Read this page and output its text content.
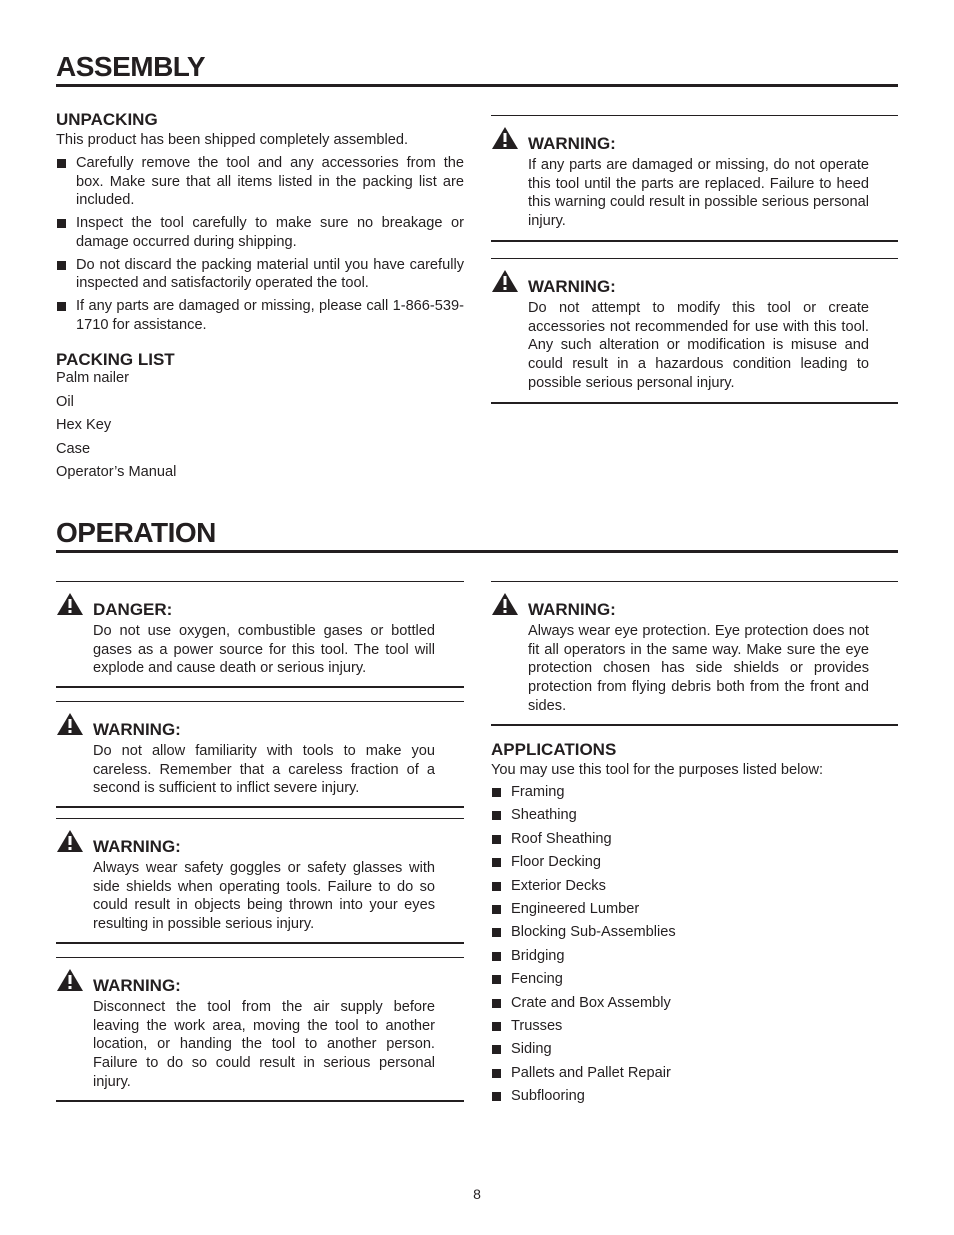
ASSEMBLY
UNPACKING
This product has been shipped completely assembled.
Carefully remove the tool and any accessories from the box. Make sure that all items listed in the packing list are included.
Inspect the tool carefully to make sure no breakage or damage occurred during shipping.
Do not discard the packing material until you have carefully inspected and satisfactorily operated the tool.
If any parts are damaged or missing, please call 1-866-539-1710 for assistance.
PACKING LIST
Palm nailer
Oil
Hex Key
Case
Operator’s Manual
WARNING:
If any parts are damaged or missing, do not operate this tool until the parts are replaced. Failure to heed this warning could result in possible serious personal injury.
WARNING:
Do not attempt to modify this tool or create accessories not recommended for use with this tool. Any such alteration or modification is misuse and could result in a hazardous condition leading to possible serious personal injury.
OPERATION
DANGER:
Do not use oxygen, combustible gases or bottled gases as a power source for this tool. The tool will explode and cause death or serious injury.
WARNING:
Do not allow familiarity with tools to make you careless. Remember that a careless fraction of a second is sufficient to inflict severe injury.
WARNING:
Always wear safety goggles or safety glasses with side shields when operating tools. Failure to do so could result in objects being thrown into your eyes resulting in possible serious injury.
WARNING:
Disconnect the tool from the air supply before leaving the work area, moving the tool to another location, or handing the tool to another person. Failure to do so could result in serious personal injury.
WARNING:
Always wear eye protection. Eye protection does not fit all operators in the same way. Make sure the eye protection chosen has side shields or provides protection from flying debris both from the front and sides.
APPLICATIONS
You may use this tool for the purposes listed below:
Framing
Sheathing
Roof Sheathing
Floor Decking
Exterior Decks
Engineered Lumber
Blocking Sub-Assemblies
Bridging
Fencing
Crate and Box Assembly
Trusses
Siding
Pallets and Pallet Repair
Subflooring
8
